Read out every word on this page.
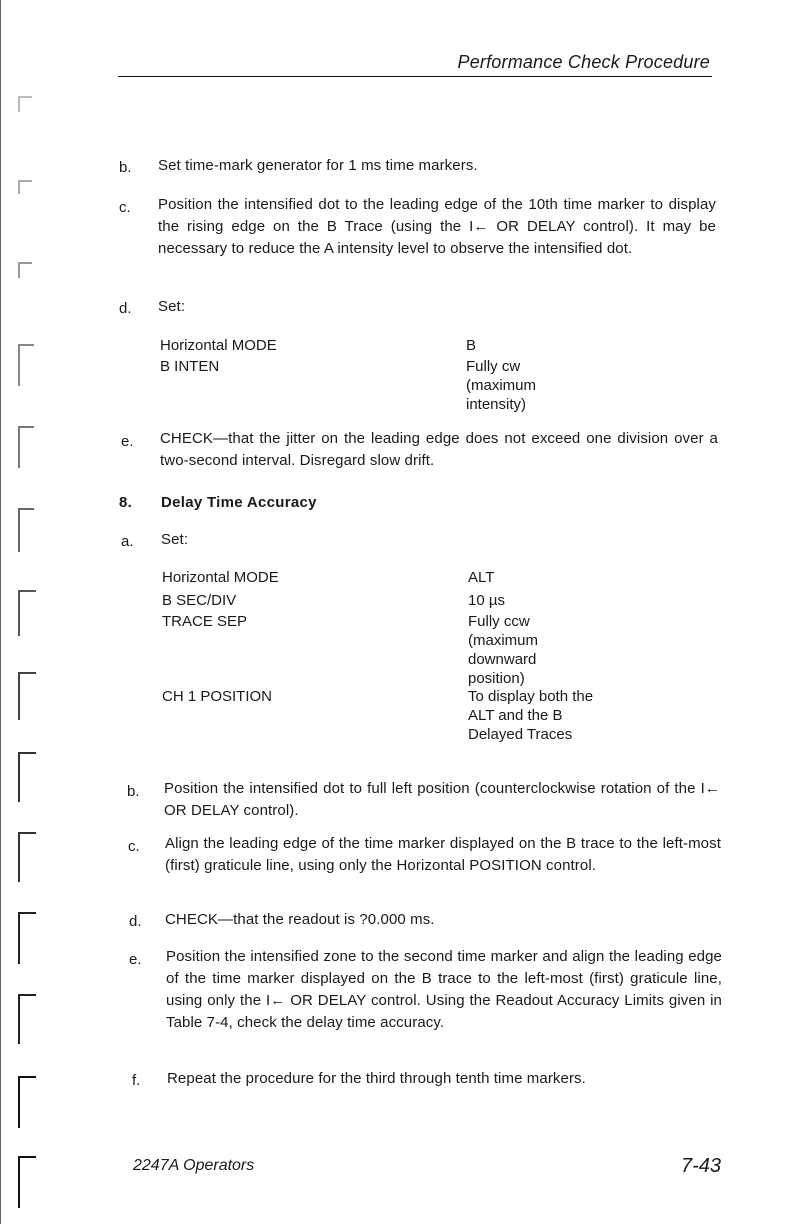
Performance Check Procedure
b. Set time-mark generator for 1 ms time markers.
c. Position the intensified dot to the leading edge of the 10th time marker to display the rising edge on the B Trace (using the I← OR DELAY control). It may be necessary to reduce the A intensity level to observe the intensified dot.
d. Set:
Horizontal MODE	B
B INTEN	Fully cw (maximum intensity)
e. CHECK—that the jitter on the leading edge does not exceed one division over a two-second interval. Disregard slow drift.
8. Delay Time Accuracy
a. Set:
Horizontal MODE	ALT
B SEC/DIV	10 µs
TRACE SEP	Fully ccw (maximum downward position)
CH 1 POSITION	To display both the ALT and the B Delayed Traces
b. Position the intensified dot to full left position (counterclockwise rotation of the I← OR DELAY control).
c. Align the leading edge of the time marker displayed on the B trace to the left-most (first) graticule line, using only the Horizontal POSITION control.
d. CHECK—that the readout is ?0.000 ms.
e. Position the intensified zone to the second time marker and align the leading edge of the time marker displayed on the B trace to the left-most (first) graticule line, using only the I← OR DELAY control. Using the Readout Accuracy Limits given in Table 7-4, check the delay time accuracy.
f. Repeat the procedure for the third through tenth time markers.
2247A Operators	7-43
